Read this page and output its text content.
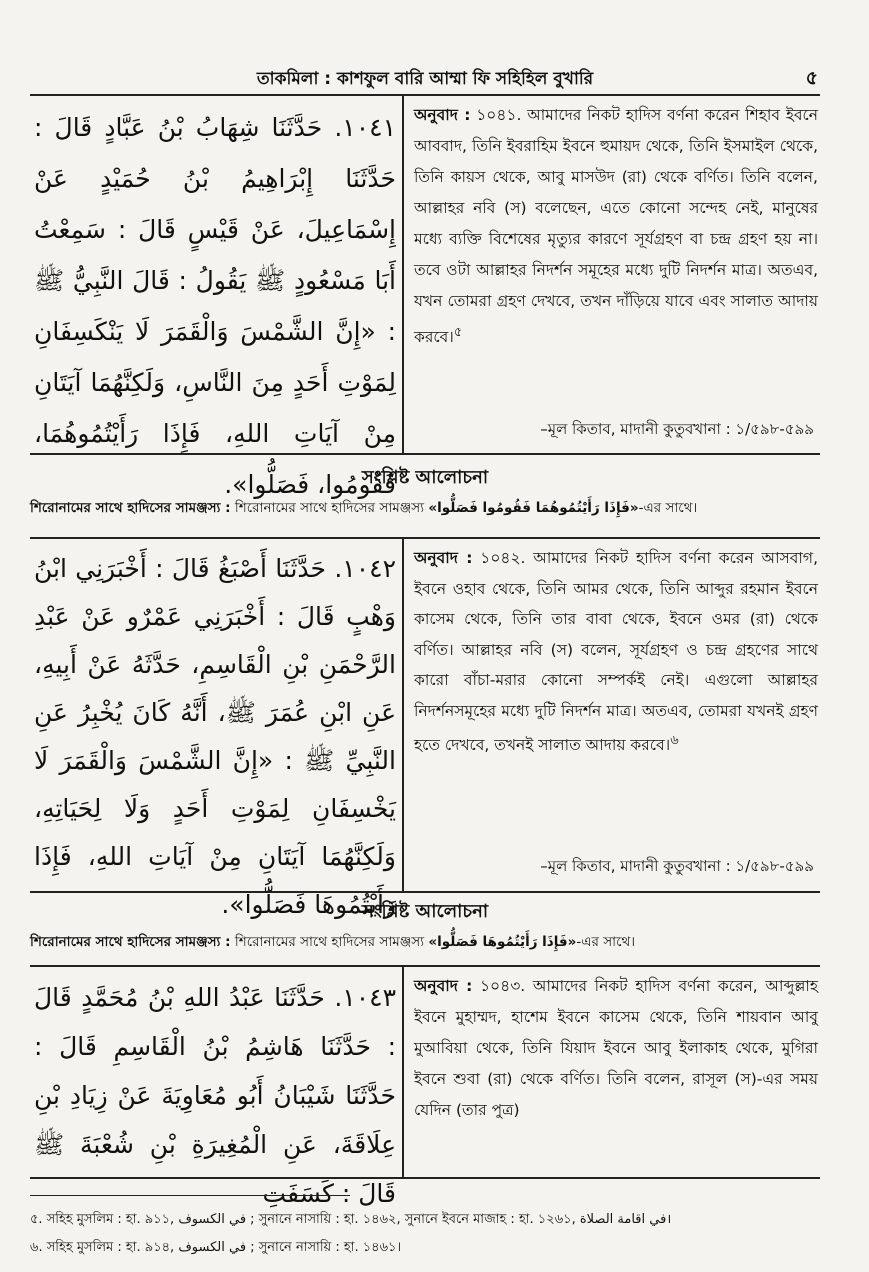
তাকমিলা : কাশফুল বারি আম্মা ফি সহিহিল বুখারি	৫
١٠٤١. حَدَّثَنَا شِهَابُ بْنُ عَبَّادٍ قَالَ : حَدَّثَنَا إِبْرَاهِيمُ بْنُ حُمَيْدٍ عَنْ إِسْمَاعِيلَ، عَنْ قَيْسٍ قَالَ : سَمِعْتُ أَبَا مَسْعُودٍ ﷺ يَقُولُ : قَالَ النَّبِيُّ ﷺ : «إِنَّ الشَّمْسَ وَالْقَمَرَ لَا يَنْكَسِفَانِ لِمَوْتِ أَحَدٍ مِنَ النَّاسِ، وَلَكِنَّهُمَا آيَتَانِ مِنْ آيَاتِ اللهِ، فَإِذَا رَأَيْتُمُوهُمَا، فَقُومُوا، فَصَلُّوا».
অনুবাদ : ১০৪১. আমাদের নিকট হাদিস বর্ণনা করেন শিহাব ইবনে আববাদ, তিনি ইবরাহিম ইবনে হুমায়দ থেকে, তিনি ইসমাইল থেকে, তিনি কায়স থেকে, আবু মাসউদ (রা) থেকে বর্ণিত। তিনি বলেন, আল্লাহর নবি (স) বলেছেন, এতে কোনো সন্দেহ নেই, মানুষের মধ্যে ব্যক্তি বিশেষের মৃত্যুর কারণে সূর্যগ্রহণ বা চন্দ্র গ্রহণ হয় না। তবে ওটা আল্লাহর নিদর্শন সমূহের মধ্যে দুটি নিদর্শন মাত্র। অতএব, যখন তোমরা গ্রহণ দেখবে, তখন দাঁড়িয়ে যাবে এবং সালাত আদায় করবে।$^৫$
–মূল কিতাব, মাদানী কুতুবখানা : ১/৫৯৮-৫৯৯
সংশ্লিষ্ট আলোচনা
শিরোনামের সাথে হাদিসের সামঞ্জস্য : শিরোনামের সাথে হাদিসের সামঞ্জস্য «فَإِذَا رَأَيْتُمُوهُمَا فَقُومُوا فَصَلُّوا»-এর সাথে।
١٠٤٢. حَدَّثَنَا أَصْبَغُ قَالَ : أَخْبَرَنِي ابْنُ وَهْبٍ قَالَ : أَخْبَرَنِي عَمْرٌو عَنْ عَبْدِ الرَّحْمَنِ بْنِ الْقَاسِمِ، حَدَّثَهُ عَنْ أَبِيهِ، عَنِ ابْنِ عُمَرَ ﷺ، أَنَّهُ كَانَ يُخْبِرُ عَنِ النَّبِيِّ ﷺ : «إِنَّ الشَّمْسَ وَالْقَمَرَ لَا يَخْسِفَانِ لِمَوْتِ أَحَدٍ وَلَا لِحَيَاتِهِ، وَلَكِنَّهُمَا آيَتَانِ مِنْ آيَاتِ اللهِ، فَإِذَا رَأَيْتُمُوهَا فَصَلُّوا».
অনুবাদ : ১০৪২. আমাদের নিকট হাদিস বর্ণনা করেন আসবাগ, ইবনে ওহাব থেকে, তিনি আমর থেকে, তিনি আব্দুর রহমান ইবনে কাসেম থেকে, তিনি তার বাবা থেকে, ইবনে ওমর (রা) থেকে বর্ণিত। আল্লাহর নবি (স) বলেন, সূর্যগ্রহণ ও চন্দ্র গ্রহণের সাথে কারো বাঁচা-মরার কোনো সম্পর্কই নেই। এগুলো আল্লাহর নিদর্শনসমূহের মধ্যে দুটি নিদর্শন মাত্র। অতএব, তোমরা যখনই গ্রহণ হতে দেখবে, তখনই সালাত আদায় করবে।$^৬$
–মূল কিতাব, মাদানী কুতুবখানা : ১/৫৯৮-৫৯৯
সংশ্লিষ্ট আলোচনা
শিরোনামের সাথে হাদিসের সামঞ্জস্য : শিরোনামের সাথে হাদিসের সামঞ্জস্য «فَإِذَا رَأَيْتُمُوهَا فَصَلُّوا»-এর সাথে।
١٠٤٣. حَدَّثَنَا عَبْدُ اللهِ بْنُ مُحَمَّدٍ قَالَ : حَدَّثَنَا هَاشِمُ بْنُ الْقَاسِمِ قَالَ : حَدَّثَنَا شَيْبَانُ أَبُو مُعَاوِيَةَ عَنْ زِيَادِ بْنِ عِلَاقَةَ، عَنِ الْمُغِيرَةِ بْنِ شُعْبَةَ ﷺ قَالَ : كَسَفَتِ
অনুবাদ : ১০৪৩. আমাদের নিকট হাদিস বর্ণনা করেন, আব্দুল্লাহ ইবনে মুহাম্মদ, হাশেম ইবনে কাসেম থেকে, তিনি শায়বান আবু মুআবিয়া থেকে, তিনি যিয়াদ ইবনে আবু ইলাকাহ থেকে, মুগিরা ইবনে শুবা (রা) থেকে বর্ণিত। তিনি বলেন, রাসূল (স)-এর সময় যেদিন (তার পুত্র)
৫. সহিহ মুসলিম : হা. ৯১১, في الكسوف ; সুনানে নাসায়ি : হা. ১৪৬২, সুনানে ইবনে মাজাহ : হা. ১২৬১, في اقامة الصلاة।
৬. সহিহ মুসলিম : হা. ৯১৪, في الكسوف ; সুনানে নাসায়ি : হা. ১৪৬১।
